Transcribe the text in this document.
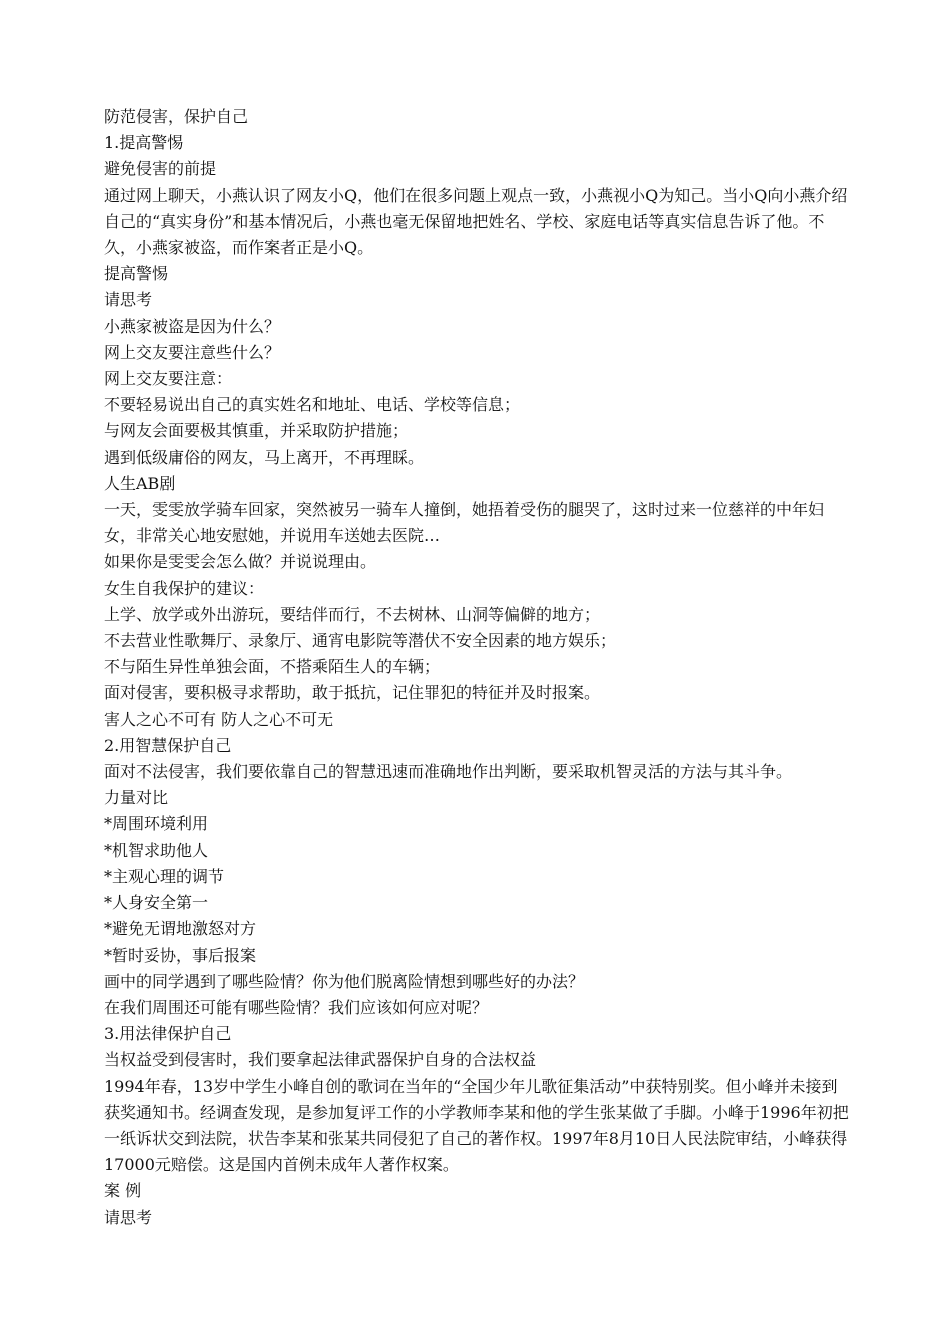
防范侵害，保护自己

1.提高警惕

避免侵害的前提

通过网上聊天，小燕认识了网友小Q，他们在很多问题上观点一致，小燕视小Q为知己。当小Q向小燕介绍自己的“真实身份”和基本情况后，小燕也毫无保留地把姓名、学校、家庭电话等真实信息告诉了他。不久，小燕家被盗，而作案者正是小Q。

提高警惕

请思考

小燕家被盗是因为什么？

网上交友要注意些什么？

网上交友要注意：

不要轻易说出自己的真实姓名和地址、电话、学校等信息；

与网友会面要极其慎重，并采取防护措施；

遇到低级庸俗的网友，马上离开，不再理睬。

人生AB剧

一天，雯雯放学骑车回家，突然被另一骑车人撞倒，她捂着受伤的腿哭了，这时过来一位慈祥的中年妇女，非常关心地安慰她，并说用车送她去医院…

如果你是雯雯会怎么做？并说说理由。

女生自我保护的建议：

上学、放学或外出游玩，要结伴而行，不去树林、山洞等偏僻的地方；

不去营业性歌舞厅、录象厅、通宵电影院等潜伏不安全因素的地方娱乐；

不与陌生异性单独会面，不搭乘陌生人的车辆；

面对侵害，要积极寻求帮助，敢于抵抗，记住罪犯的特征并及时报案。

害人之心不可有 防人之心不可无

2.用智慧保护自己

面对不法侵害，我们要依靠自己的智慧迅速而准确地作出判断，要采取机智灵活的方法与其斗争。

力量对比

*周围环境利用

*机智求助他人

*主观心理的调节

*人身安全第一

*避免无谓地激怒对方

*暂时妥协，事后报案

画中的同学遇到了哪些险情？你为他们脱离险情想到哪些好的办法？

在我们周围还可能有哪些险情？我们应该如何应对呢？

3.用法律保护自己

当权益受到侵害时，我们要拿起法律武器保护自身的合法权益

1994年春，13岁中学生小峰自创的歌词在当年的“全国少年儿歌征集活动”中获特别奖。但小峰并未接到获奖通知书。经调查发现，是参加复评工作的小学教师李某和他的学生张某做了手脚。小峰于1996年初把一纸诉状交到法院，状告李某和张某共同侵犯了自己的著作权。1997年8月10日人民法院审结，小峰获得17000元赔偿。这是国内首例未成年人著作权案。

案 例

请思考
